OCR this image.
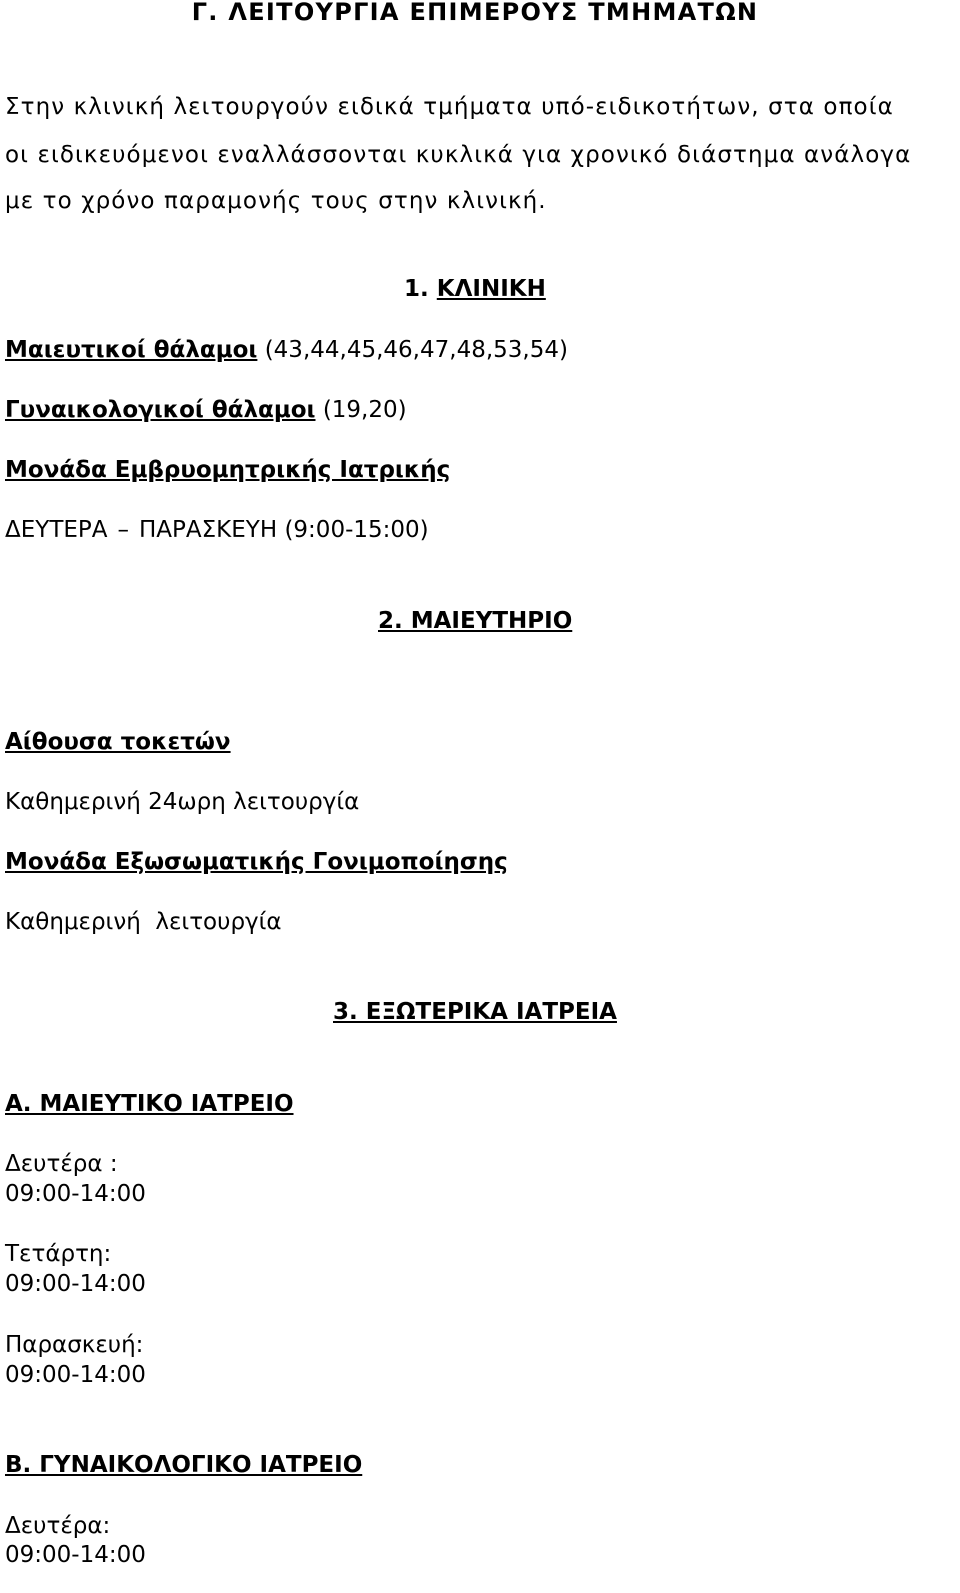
Γ. ΛΕΙΤΟΥΡΓΙΑ ΕΠΙΜΕΡΟΥΣ ΤΜΗΜΑΤΩΝ
Στην κλινική λειτουργούν ειδικά τμήματα υπό-ειδικοτήτων, στα οποία
οι ειδικευόμενοι εναλλάσσονται κυκλικά για χρονικό διάστημα ανάλογα
με το χρόνο παραμονής τους στην κλινική.
1. ΚΛΙΝΙΚΗ
Μαιευτικοί θάλαμοι (43,44,45,46,47,48,53,54)
Γυναικολογικοί θάλαμοι (19,20)
Μονάδα Εμβρυομητρικής Ιατρικής
ΔΕΥΤΕΡΑ – ΠΑΡΑΣΚΕΥΗ (9:00-15:00)
2. ΜΑΙΕΥΤΗΡΙΟ
Αίθουσα τοκετών
Καθημερινή 24ωρη λειτουργία
Μονάδα Εξωσωματικής Γονιμοποίησης
Καθημερινή  λειτουργία
3. ΕΞΩΤΕΡΙΚΑ ΙΑΤΡΕΙΑ
Α. ΜΑΙΕΥΤΙΚΟ ΙΑΤΡΕΙΟ
Δευτέρα :
09:00-14:00
Τετάρτη:
09:00-14:00
Παρασκευή:
09:00-14:00
Β. ΓΥΝΑΙΚΟΛΟΓΙΚΟ ΙΑΤΡΕΙΟ
Δευτέρα:
09:00-14:00
